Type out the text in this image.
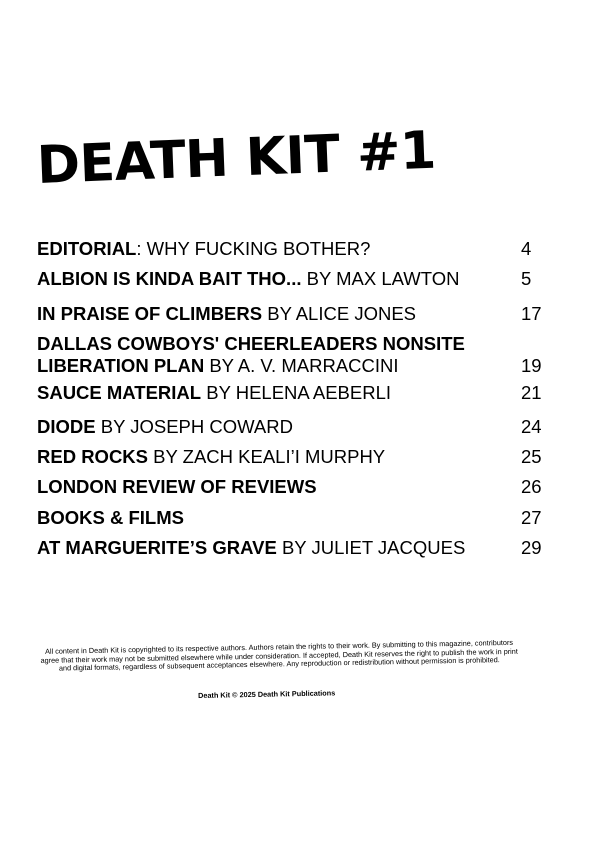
DEATH KIT #1
EDITORIAL: WHY FUCKING BOTHER?	4
ALBION IS KINDA BAIT THO... BY MAX LAWTON	5
IN PRAISE OF CLIMBERS BY ALICE JONES	17
DALLAS COWBOYS' CHEERLEADERS NONSITE LIBERATION PLAN BY A. V. MARRACCINI	19
SAUCE MATERIAL BY HELENA AEBERLI	21
DIODE BY JOSEPH COWARD	24
RED ROCKS BY ZACH KEALI’I MURPHY	25
LONDON REVIEW OF REVIEWS	26
BOOKS & FILMS	27
AT MARGUERITE’S GRAVE BY JULIET JACQUES	29

All content in Death Kit is copyrighted to its respective authors. Authors retain the rights to their work. By submitting to this magazine, contributors agree that their work may not be submitted elsewhere while under consideration. If accepted, Death Kit reserves the right to publish the work in print and digital formats, regardless of subsequent acceptances elsewhere. Any reproduction or redistribution without permission is prohibited.

Death Kit © 2025 Death Kit Publications
